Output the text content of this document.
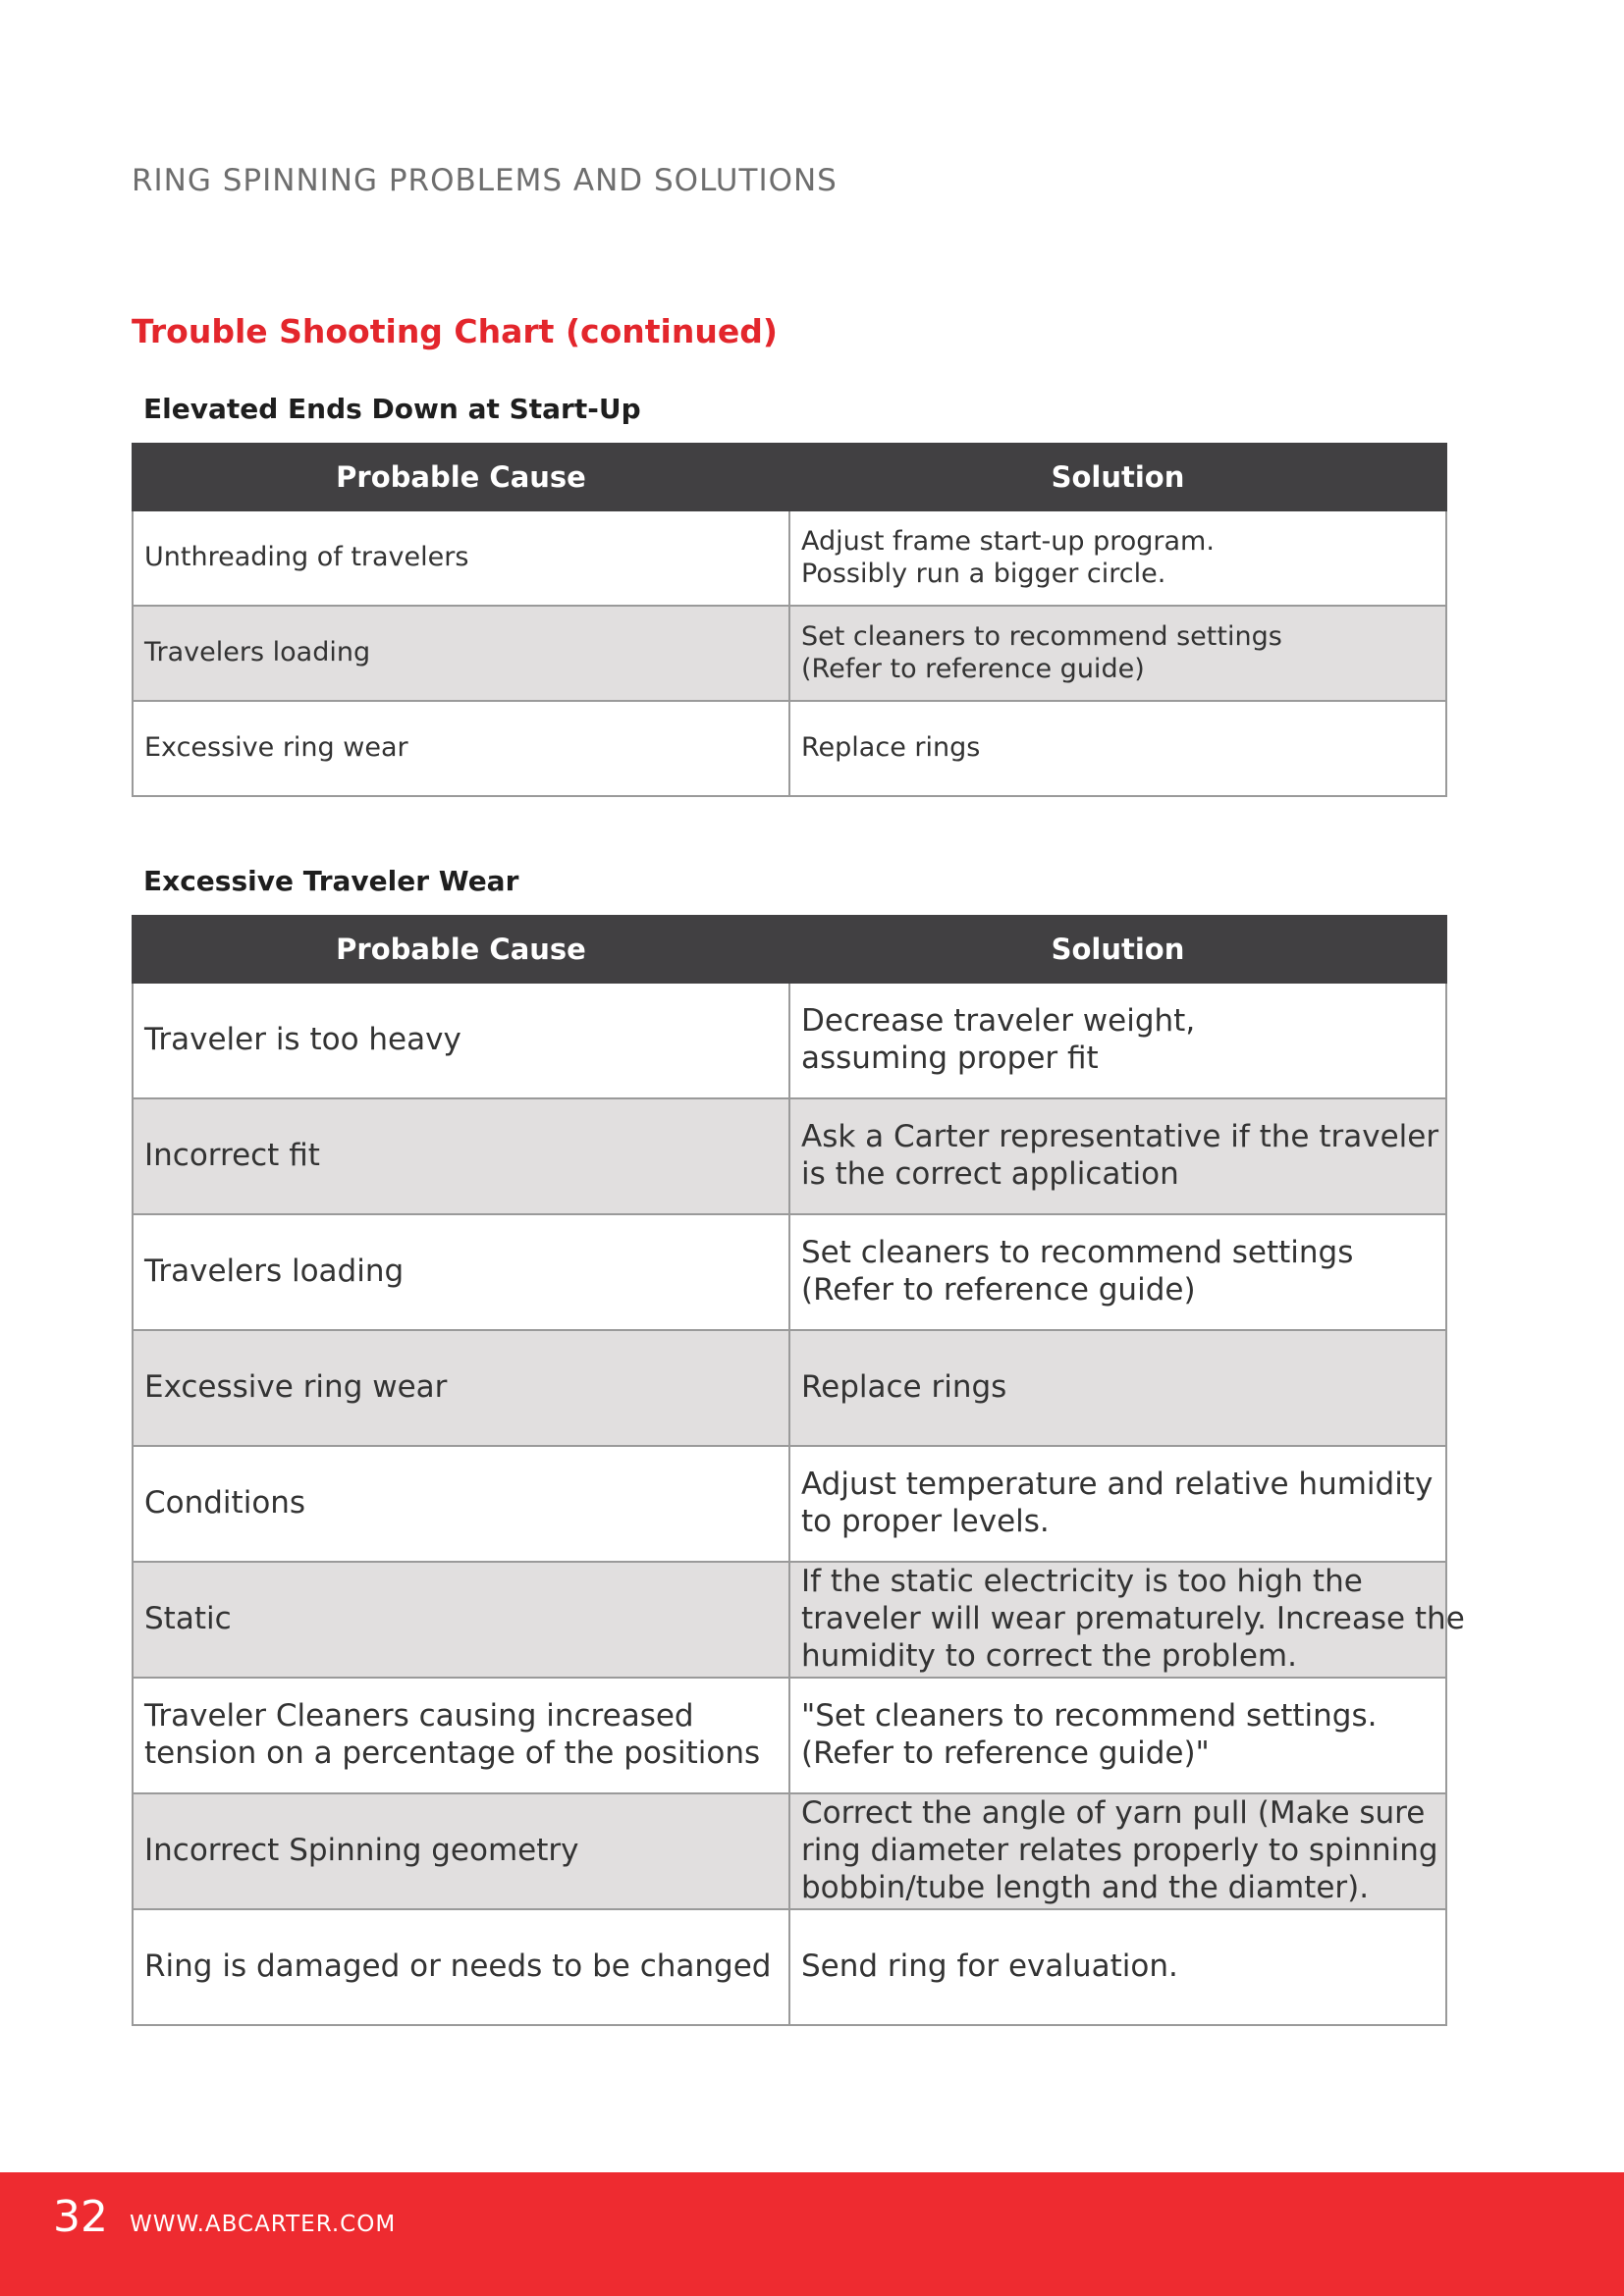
RING SPINNING PROBLEMS AND SOLUTIONS
Trouble Shooting Chart (continued)
Elevated Ends Down at Start-Up
Probable Cause	Solution

Unthreading of travelers	Adjust frame start-up program.
Possibly run a bigger circle.

Travelers loading	Set cleaners to recommend settings
(Refer to reference guide)

Excessive ring wear	Replace rings
Excessive Traveler Wear
Probable Cause	Solution

Traveler is too heavy	Decrease traveler weight,
assuming proper fit

Incorrect fit	Ask a Carter representative if the traveler
is the correct application

Travelers loading	Set cleaners to recommend settings
(Refer to reference guide)

Excessive ring wear	Replace rings

Conditions	Adjust temperature and relative humidity
to proper levels.

Static	If the static electricity is too high the
traveler will wear prematurely. Increase the
humidity to correct the problem.

Traveler Cleaners causing increased
tension on a percentage of the positions	"Set cleaners to recommend settings.
(Refer to reference guide)"

Incorrect Spinning geometry	Correct the angle of yarn pull (Make sure
ring diameter relates properly to spinning
bobbin/tube length and the diamter).

Ring is damaged or needs to be changed	Send ring for evaluation.
32 WWW.ABCARTER.COM
